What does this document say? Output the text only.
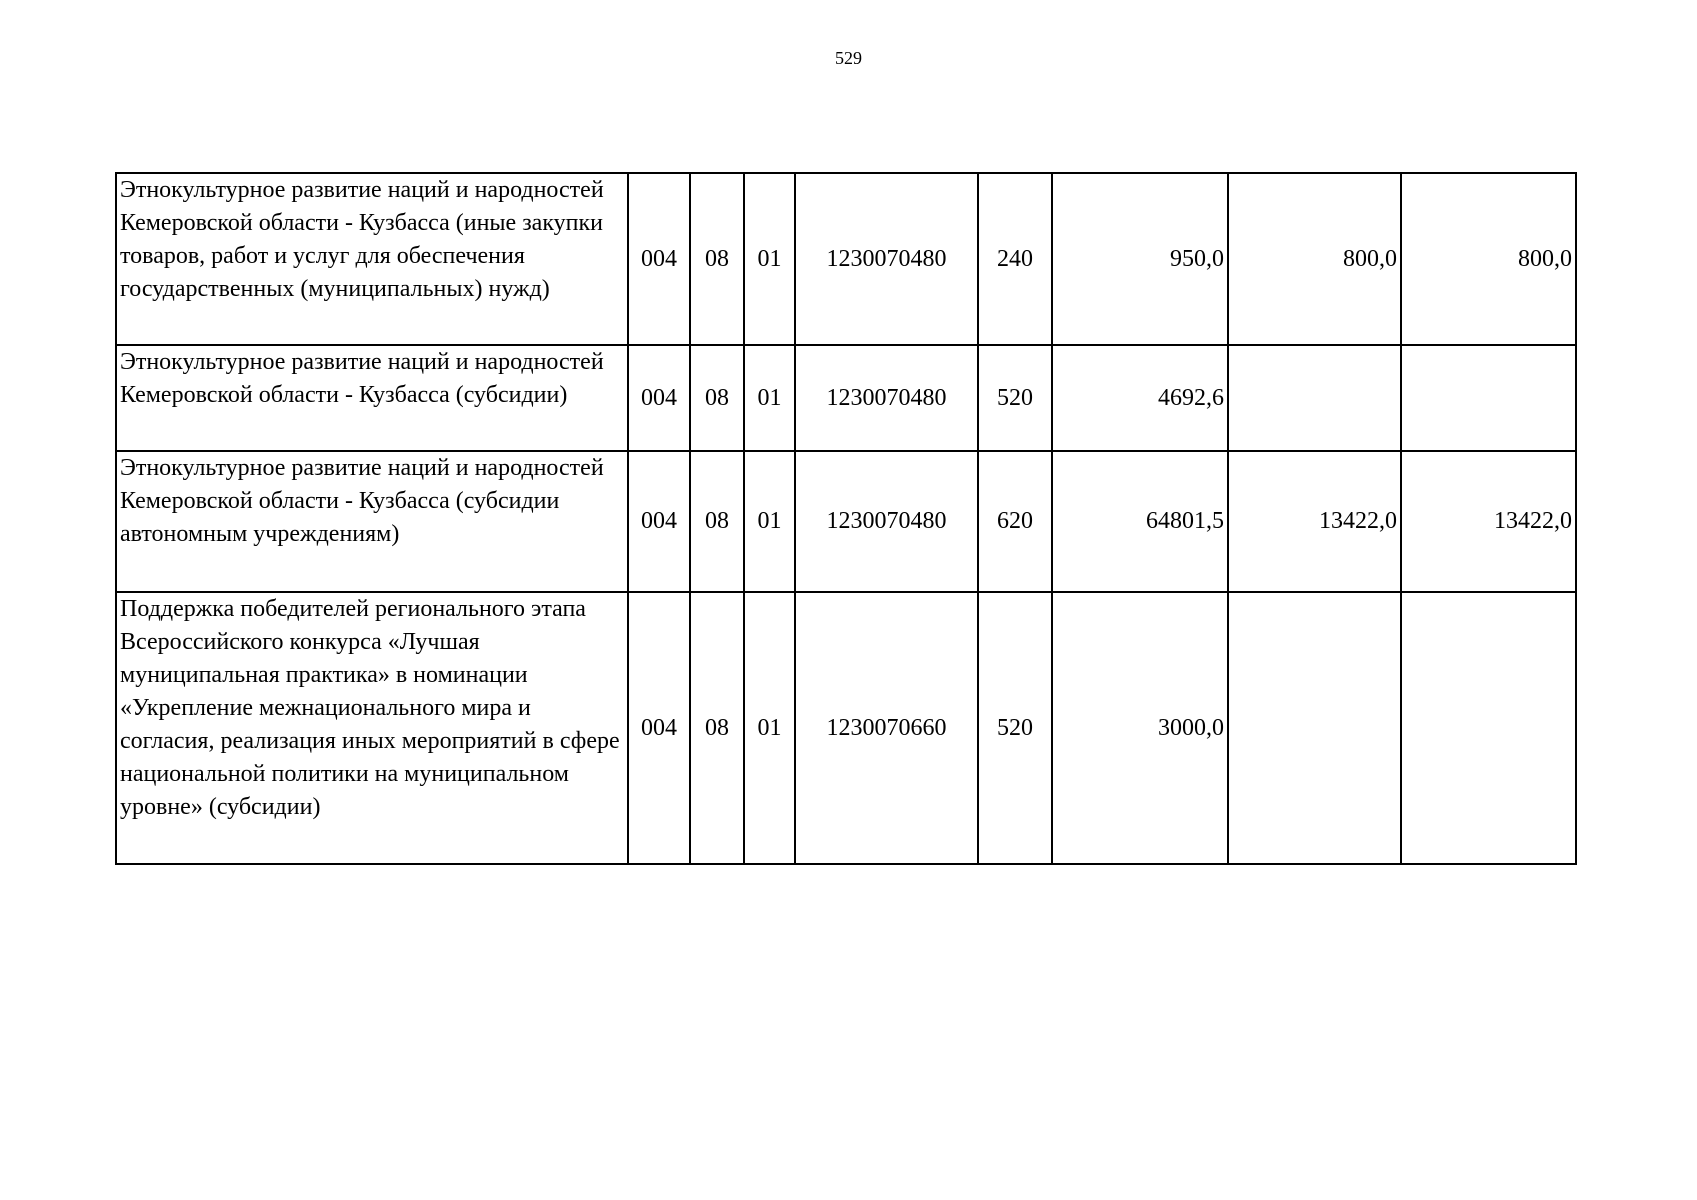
529
Этнокультурное развитие наций и народностей Кемеровской области - Кузбасса (иные закупки товаров, работ и услуг для обеспечения государственных (муниципальных) нужд)	004	08	01	1230070480	240	950,0	800,0	800,0
Этнокультурное развитие наций и народностей Кемеровской области - Кузбасса (субсидии)	004	08	01	1230070480	520	4692,6		
Этнокультурное развитие наций и народностей Кемеровской области - Кузбасса (субсидии автономным учреждениям)	004	08	01	1230070480	620	64801,5	13422,0	13422,0
Поддержка победителей регионального этапа Всероссийского конкурса «Лучшая муниципальная практика» в номинации «Укрепление межнационального мира и согласия, реализация иных мероприятий в сфере национальной политики на муниципальном уровне» (субсидии)	004	08	01	1230070660	520	3000,0		
